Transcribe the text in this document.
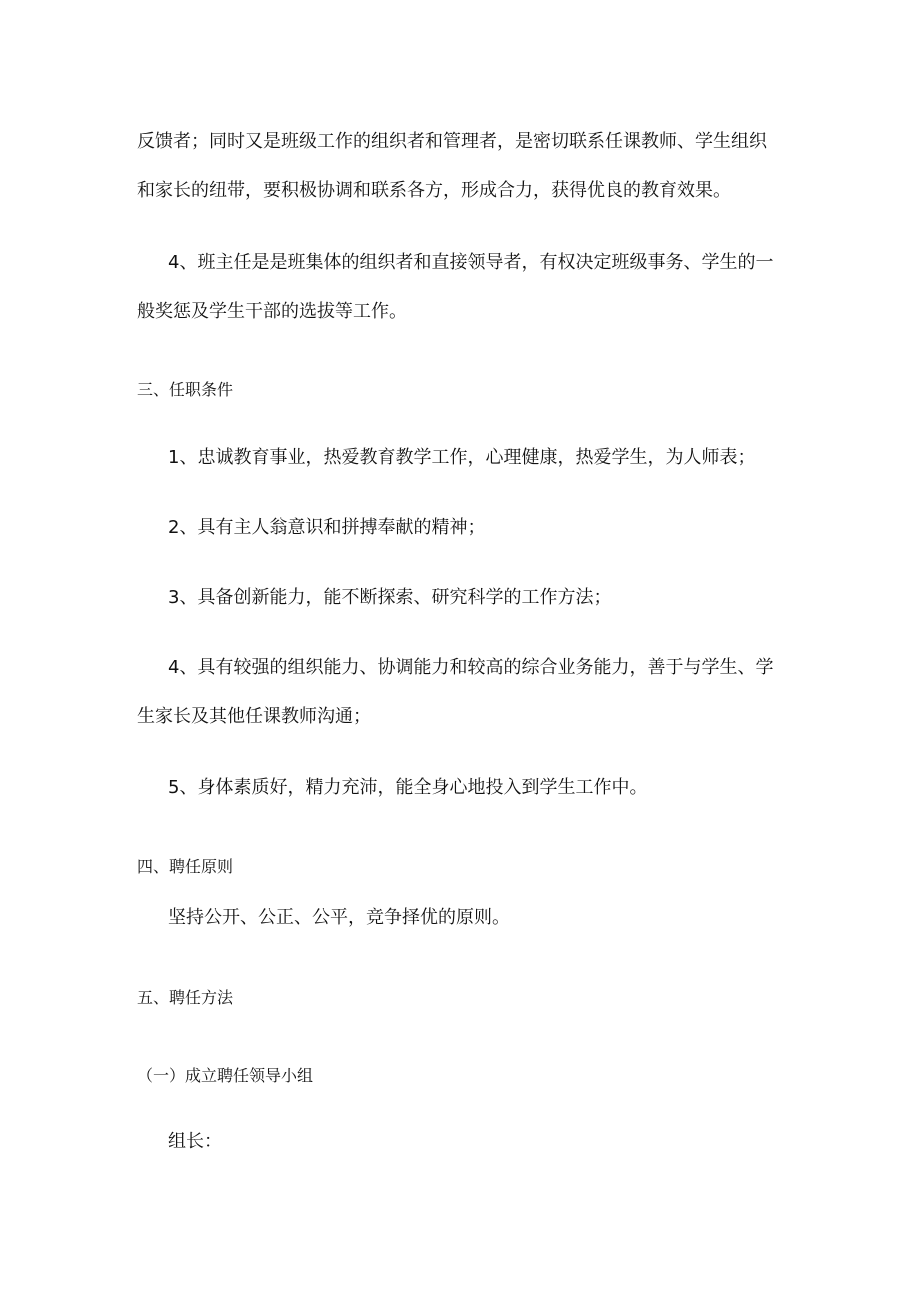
反馈者；同时又是班级工作的组织者和管理者，是密切联系任课教师、学生组织

和家长的纽带，要积极协调和联系各方，形成合力，获得优良的教育效果。

4、班主任是是班集体的组织者和直接领导者，有权决定班级事务、学生的一

般奖惩及学生干部的选拔等工作。

三、任职条件

1、忠诚教育事业，热爱教育教学工作，心理健康，热爱学生，为人师表；

2、具有主人翁意识和拼搏奉献的精神；

3、具备创新能力，能不断探索、研究科学的工作方法；

4、具有较强的组织能力、协调能力和较高的综合业务能力，善于与学生、学

生家长及其他任课教师沟通；

5、身体素质好，精力充沛，能全身心地投入到学生工作中。

四、聘任原则

坚持公开、公正、公平，竞争择优的原则。

五、聘任方法

（一）成立聘任领导小组

组长：
